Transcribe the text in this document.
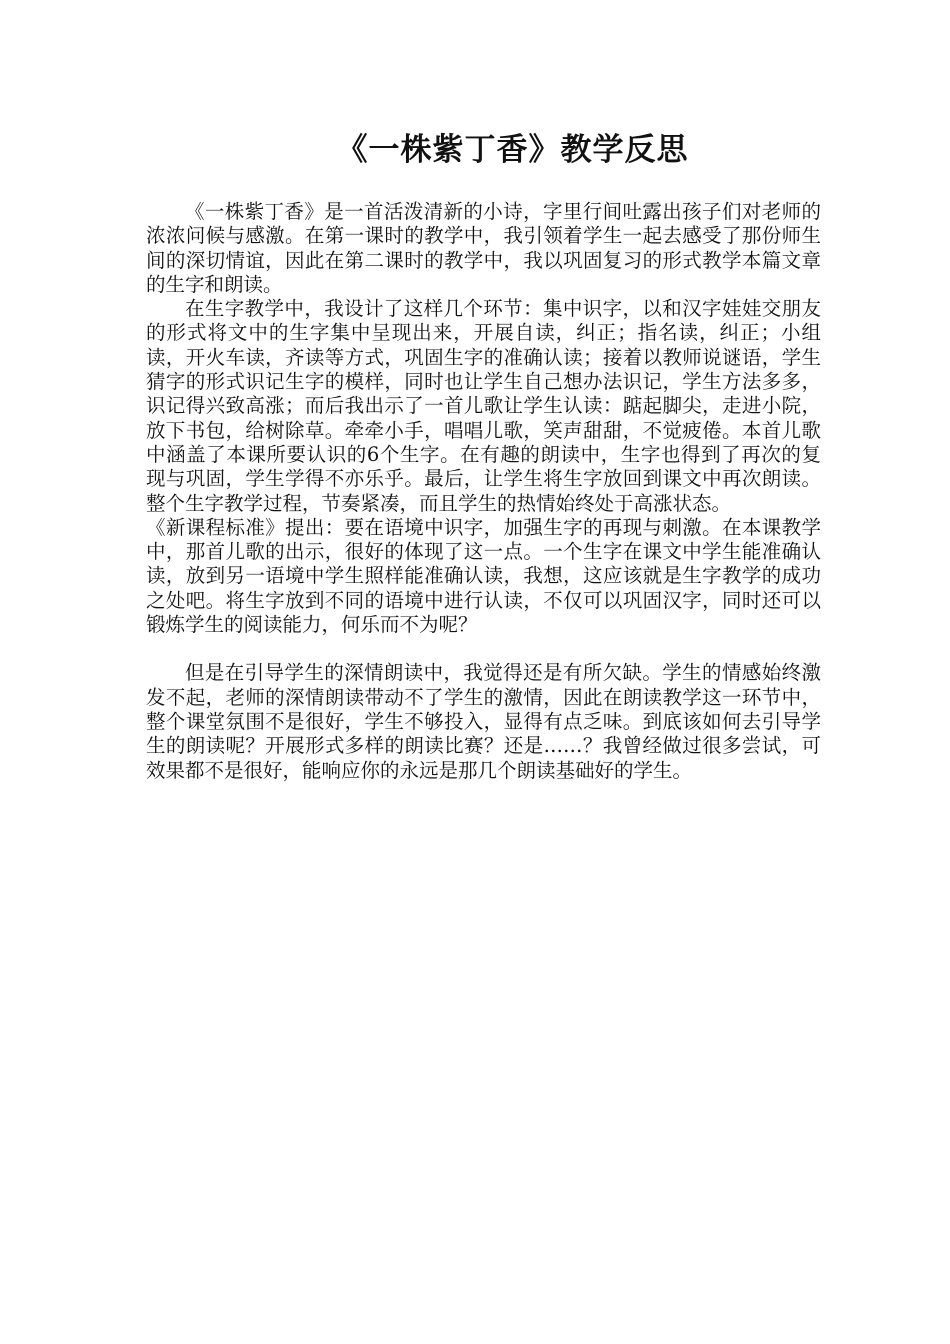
《一株紫丁香》教学反思

《一株紫丁香》是一首活泼清新的小诗，字里行间吐露出孩子们对老师的浓浓问候与感激。在第一课时的教学中，我引领着学生一起去感受了那份师生间的深切情谊，因此在第二课时的教学中，我以巩固复习的形式教学本篇文章的生字和朗读。

在生字教学中，我设计了这样几个环节：集中识字，以和汉字娃娃交朋友的形式将文中的生字集中呈现出来，开展自读，纠正；指名读，纠正；小组读，开火车读，齐读等方式，巩固生字的准确认读；接着以教师说谜语，学生猜字的形式识记生字的模样，同时也让学生自己想办法识记，学生方法多多，识记得兴致高涨；而后我出示了一首儿歌让学生认读：踮起脚尖，走进小院，放下书包，给树除草。牵牵小手，唱唱儿歌，笑声甜甜，不觉疲倦。本首儿歌中涵盖了本课所要认识的6个生字。在有趣的朗读中，生字也得到了再次的复现与巩固，学生学得不亦乐乎。最后，让学生将生字放回到课文中再次朗读。整个生字教学过程，节奏紧凑，而且学生的热情始终处于高涨状态。

《新课程标准》提出：要在语境中识字，加强生字的再现与刺激。在本课教学中，那首儿歌的出示，很好的体现了这一点。一个生字在课文中学生能准确认读，放到另一语境中学生照样能准确认读，我想，这应该就是生字教学的成功之处吧。将生字放到不同的语境中进行认读，不仅可以巩固汉字，同时还可以锻炼学生的阅读能力，何乐而不为呢？

但是在引导学生的深情朗读中，我觉得还是有所欠缺。学生的情感始终激发不起，老师的深情朗读带动不了学生的激情，因此在朗读教学这一环节中，整个课堂氛围不是很好，学生不够投入，显得有点乏味。到底该如何去引导学生的朗读呢？开展形式多样的朗读比赛？还是……？我曾经做过很多尝试，可效果都不是很好，能响应你的永远是那几个朗读基础好的学生。
